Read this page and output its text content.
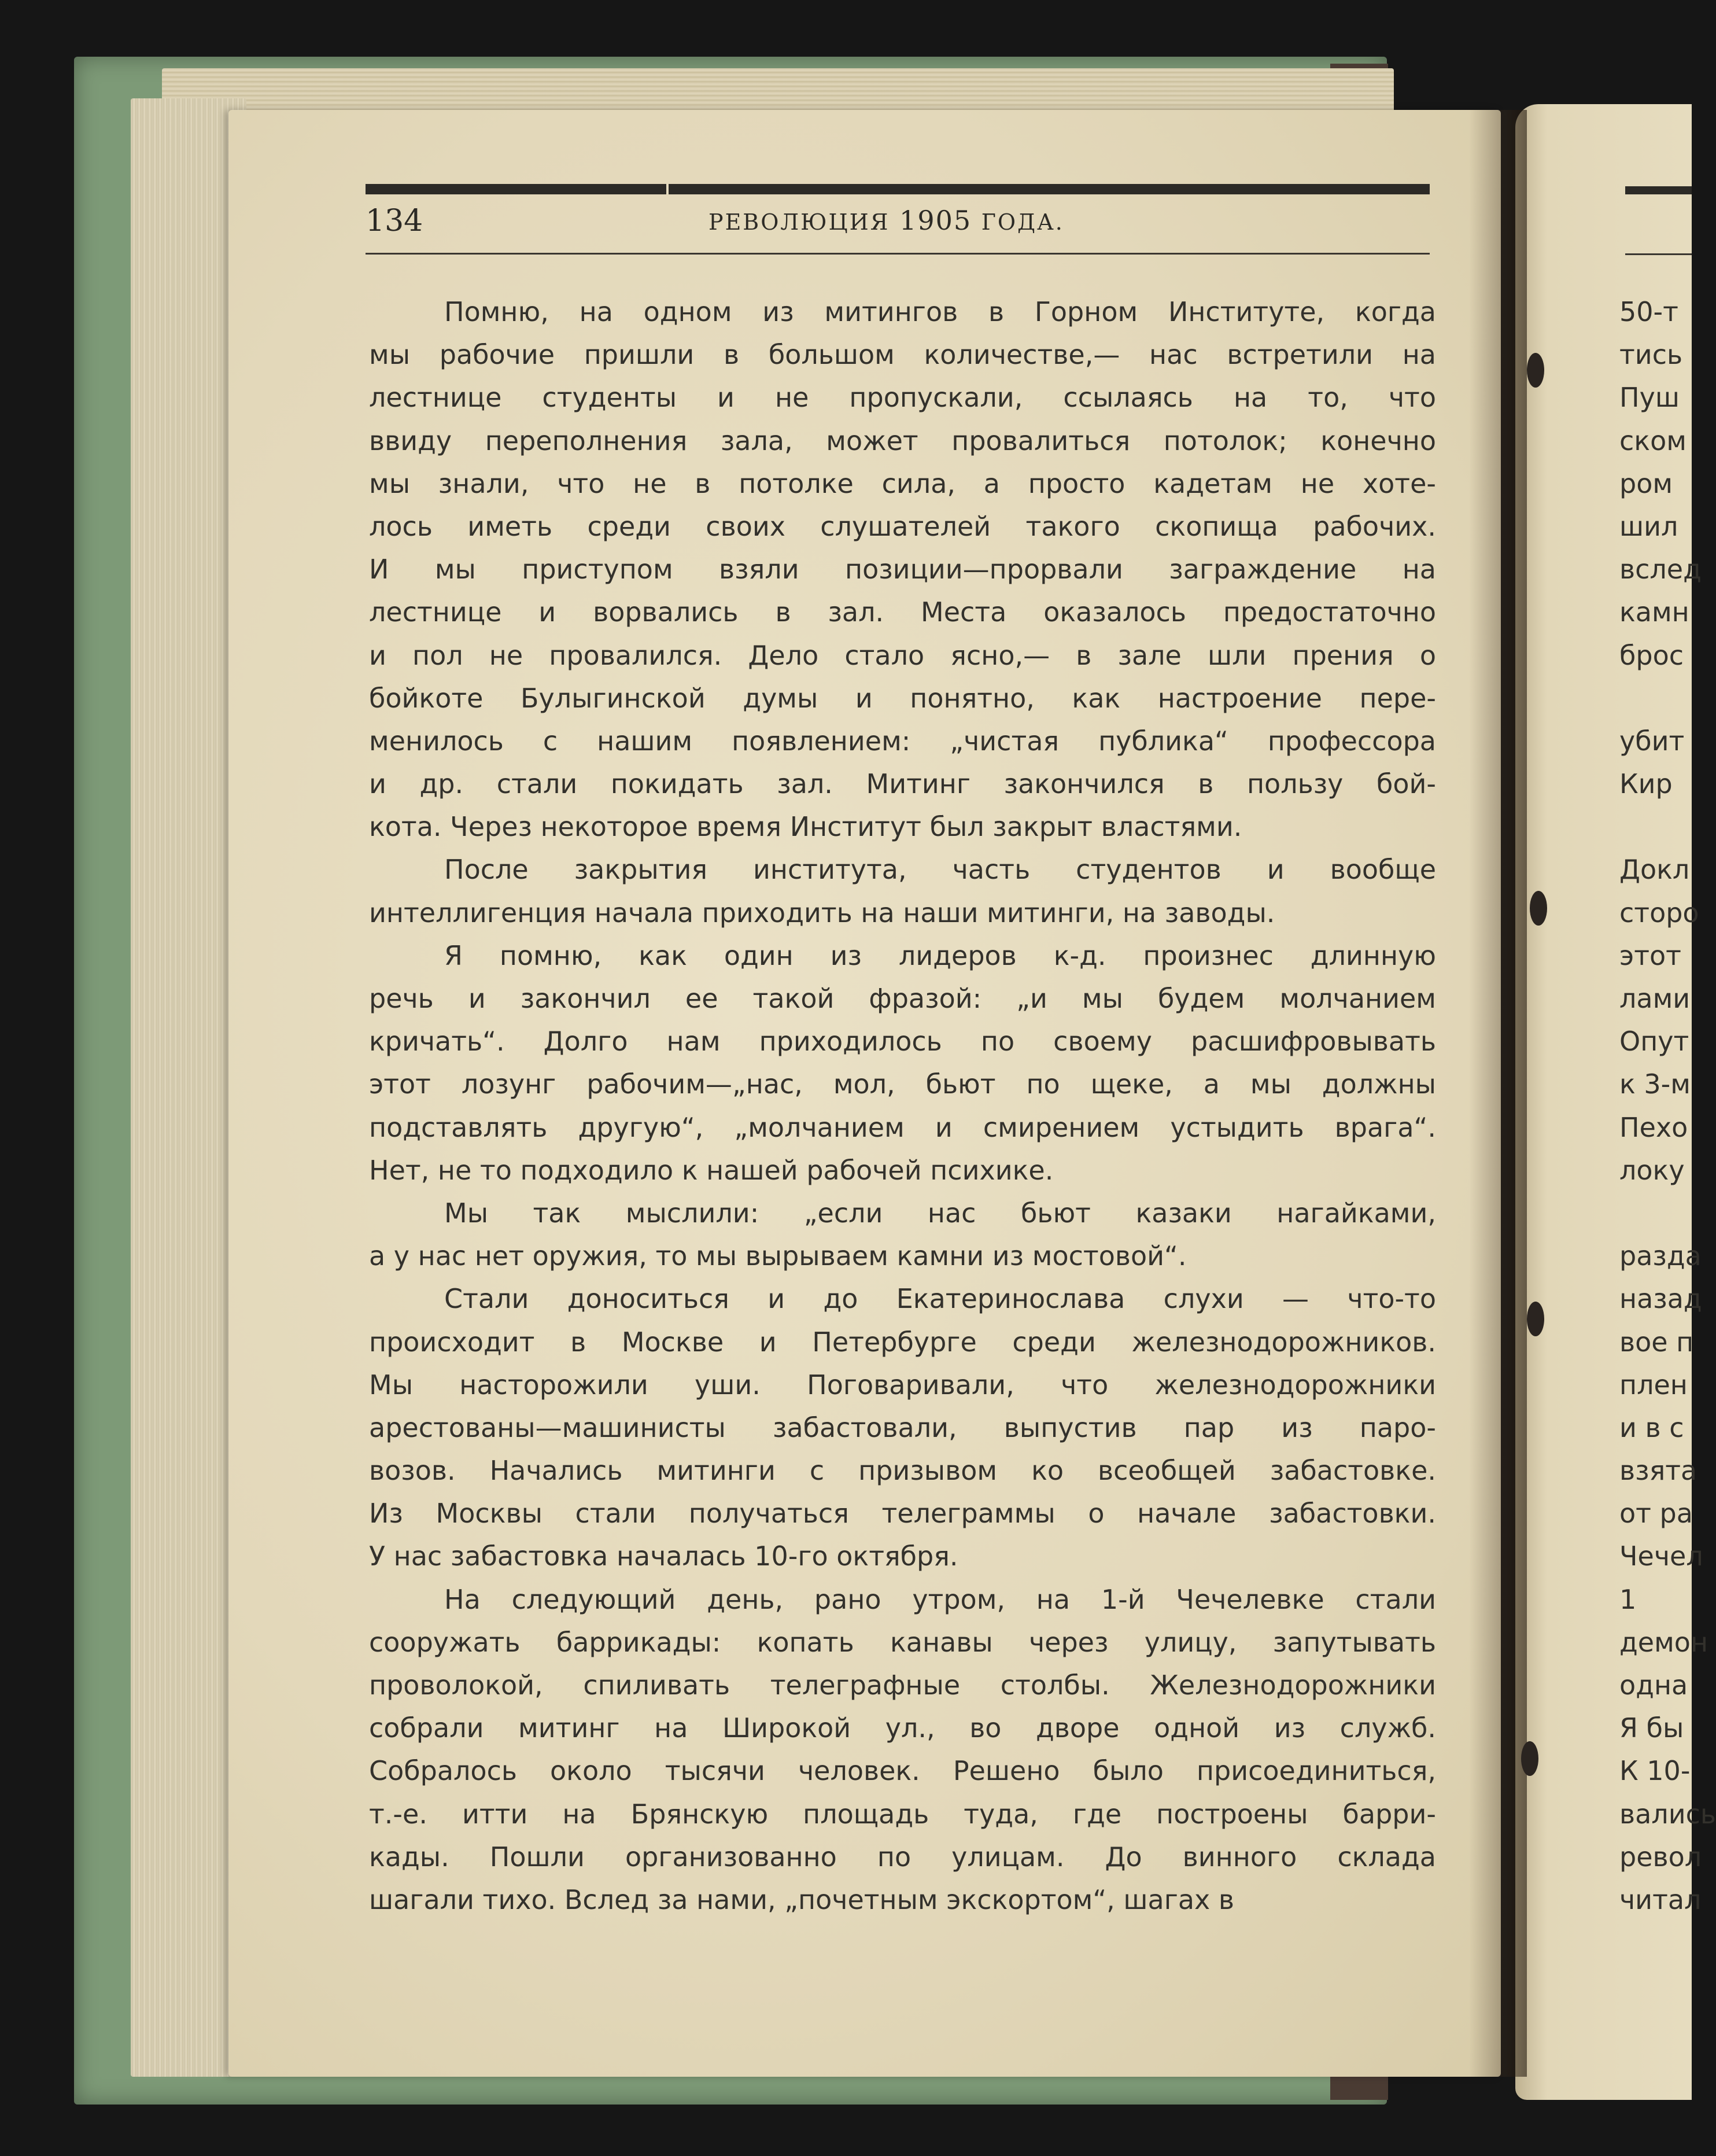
50-т
тись
Пуш
ском
ром
шил
вслед
камн
брос
убит
Кир
Докл
сторо
этот
лами
Опут
к 3-м
Пехо
локу
разда
назад
вое п
плен
и в с
взята
от ра
Чечел
1
демон
одна
Я бы
К 10-
вались
револ
читал
134	РЕВОЛЮЦИЯ 1905 ГОДА.
Помню, на одном из митингов в Горном Институте, когда
мы рабочие пришли в большом количестве,— нас встретили на
лестнице студенты и не пропускали, ссылаясь на то, что
ввиду переполнения зала, может провалиться потолок; конечно
мы знали, что не в потолке сила, а просто кадетам не хоте-
лось иметь среди своих слушателей такого скопища рабочих.
И мы приступом взяли позиции—прорвали заграждение на
лестнице и ворвались в зал. Места оказалось предостаточно
и пол не провалился. Дело стало ясно,— в зале шли прения о
бойкоте Булыгинской думы и понятно, как настроение пере-
менилось с нашим появлением: „чистая публика“ профессора
и др. стали покидать зал. Митинг закончился в пользу бой-
кота. Через некоторое время Институт был закрыт властями.
После закрытия института, часть студентов и вообще
интеллигенция начала приходить на наши митинги, на заводы.
Я помню, как один из лидеров к-д. произнес длинную
речь и закончил ее такой фразой: „и мы будем молчанием
кричать“. Долго нам приходилось по своему расшифровывать
этот лозунг рабочим—„нас, мол, бьют по щеке, а мы должны
подставлять другую“, „молчанием и смирением устыдить врага“.
Нет, не то подходило к нашей рабочей психике.
Мы так мыслили: „если нас бьют казаки нагайками,
а у нас нет оружия, то мы вырываем камни из мостовой“.
Стали доноситься и до Екатеринослава слухи — что-то
происходит в Москве и Петербурге среди железнодорожников.
Мы насторожили уши. Поговаривали, что железнодорожники
арестованы—машинисты забастовали, выпустив пар из паро-
возов. Начались митинги с призывом ко всеобщей забастовке.
Из Москвы стали получаться телеграммы о начале забастовки.
У нас забастовка началась 10-го октября.
На следующий день, рано утром, на 1-й Чечелевке стали
сооружать баррикады: копать канавы через улицу, запутывать
проволокой, спиливать телеграфные столбы. Железнодорожники
собрали митинг на Широкой ул., во дворе одной из служб.
Собралось около тысячи человек. Решено было присоединиться,
т.-е. итти на Брянскую площадь туда, где построены барри-
кады. Пошли организованно по улицам. До винного склада
шагали тихо. Вслед за нами, „почетным экскортом“, шагах в
